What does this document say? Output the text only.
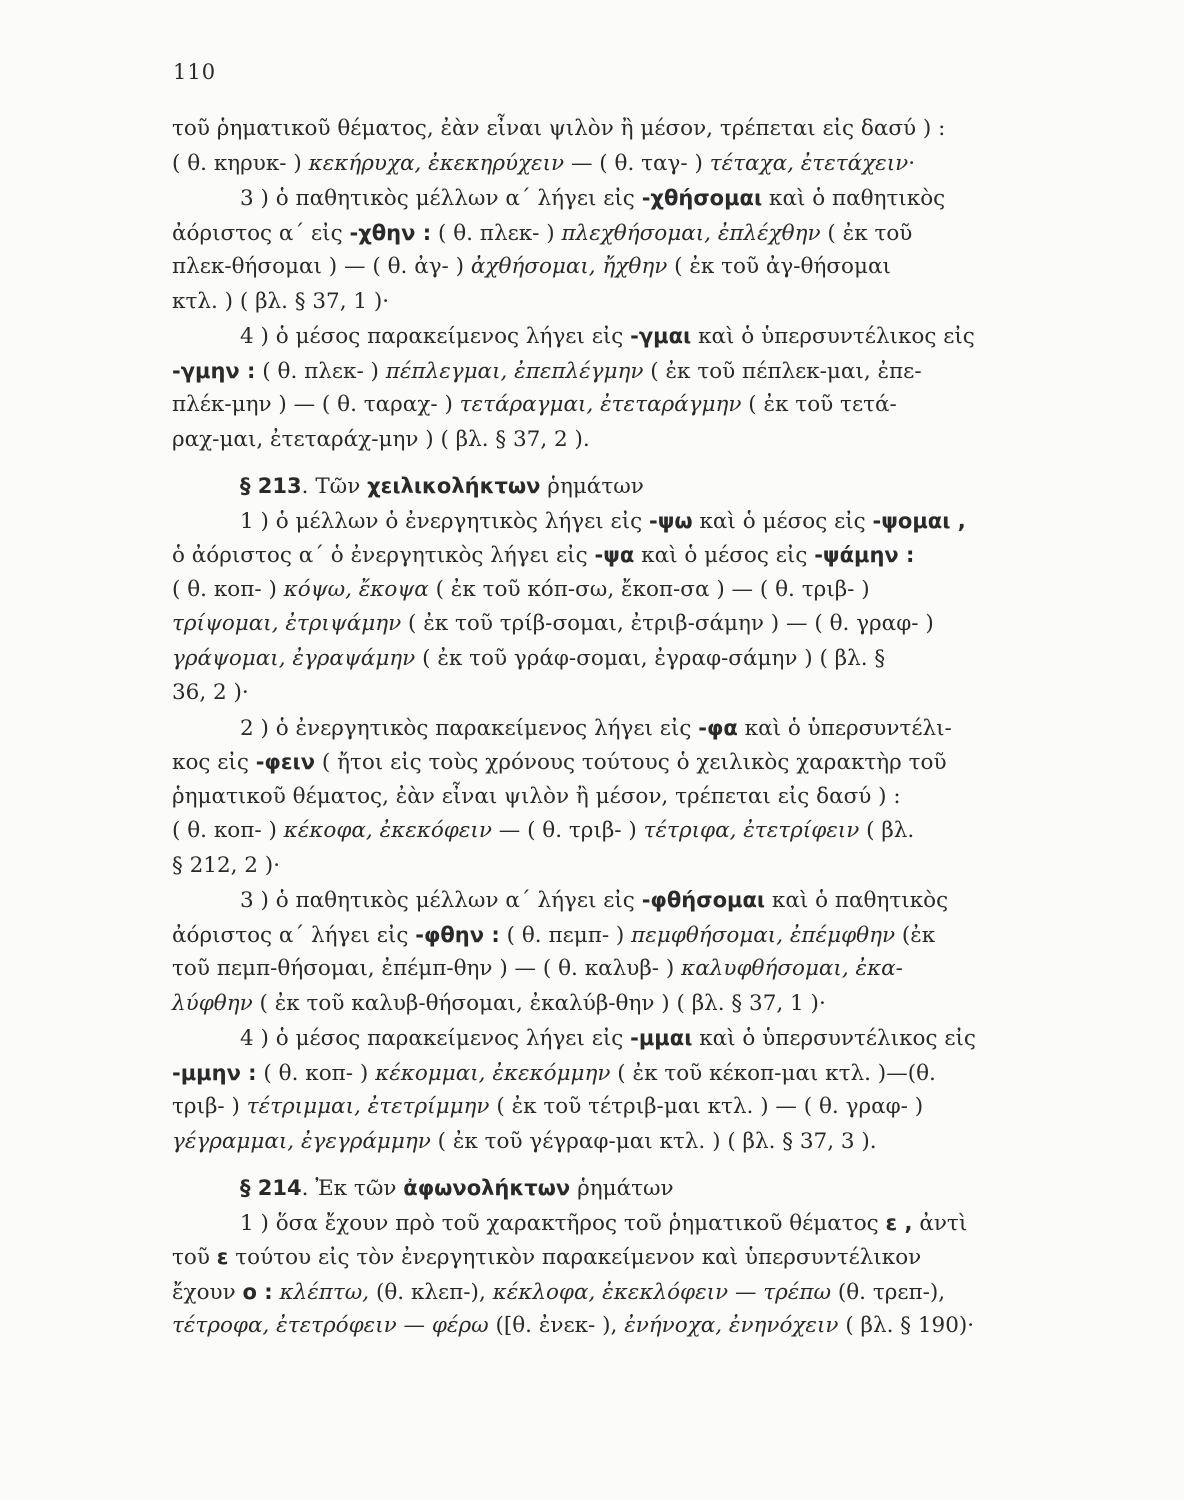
110
τοῦ ῥηματικοῦ θέματος, ἐὰν εἶναι ψιλὸν ἢ μέσον, τρέπεται εἰς δασύ ) :
( θ. κηρυκ- ) κεκήρυχα, ἐκεκηρύχειν — ( θ. ταγ- ) τέταχα, ἐτετάχειν·
3 ) ὁ παθητικὸς μέλλων α΄ λήγει εἰς -χθήσομαι καὶ ὁ παθητικὸς
ἀόριστος α΄ εἰς -χθην : ( θ. πλεκ- ) πλεχθήσομαι, ἐπλέχθην ( ἐκ τοῦ
πλεκ-θήσομαι ) — ( θ. ἀγ- ) ἀχθήσομαι, ἤχθην ( ἐκ τοῦ ἀγ-θήσομαι
κτλ. ) ( βλ. § 37, 1 )·
4 ) ὁ μέσος παρακείμενος λήγει εἰς -γμαι καὶ ὁ ὑπερσυντέλικος εἰς
-γμην : ( θ. πλεκ- ) πέπλεγμαι, ἐπεπλέγμην ( ἐκ τοῦ πέπλεκ-μαι, ἐπε-
πλέκ-μην ) — ( θ. ταραχ- ) τετάραγμαι, ἐτεταράγμην ( ἐκ τοῦ τετά-
ραχ-μαι, ἐτεταράχ-μην ) ( βλ. § 37, 2 ).
§ 213. Τῶν χειλικολήκτων ῥημάτων
1 ) ὁ μέλλων ὁ ἐνεργητικὸς λήγει εἰς -ψω καὶ ὁ μέσος εἰς -ψομαι ,
ὁ ἀόριστος α΄ ὁ ἐνεργητικὸς λήγει εἰς -ψα καὶ ὁ μέσος εἰς -ψάμην :
( θ. κοπ- ) κόψω, ἔκοψα ( ἐκ τοῦ κόπ-σω, ἔκοπ-σα ) — ( θ. τριβ- )
τρίψομαι, ἐτριψάμην ( ἐκ τοῦ τρίβ-σομαι, ἐτριβ-σάμην ) — ( θ. γραφ- )
γράψομαι, ἐγραψάμην ( ἐκ τοῦ γράφ-σομαι, ἐγραφ-σάμην ) ( βλ. §
36, 2 )·
2 ) ὁ ἐνεργητικὸς παρακείμενος λήγει εἰς -φα καὶ ὁ ὑπερσυντέλι-
κος εἰς -φειν ( ἤτοι εἰς τοὺς χρόνους τούτους ὁ χειλικὸς χαρακτὴρ τοῦ
ῥηματικοῦ θέματος, ἐὰν εἶναι ψιλὸν ἢ μέσον, τρέπεται εἰς δασύ ) :
( θ. κοπ- ) κέκοφα, ἐκεκόφειν — ( θ. τριβ- ) τέτριφα, ἐτετρίφειν ( βλ.
§ 212, 2 )·
3 ) ὁ παθητικὸς μέλλων α΄ λήγει εἰς -φθήσομαι καὶ ὁ παθητικὸς
ἀόριστος α΄ λήγει εἰς -φθην : ( θ. πεμπ- ) πεμφθήσομαι, ἐπέμφθην (ἐκ
τοῦ πεμπ-θήσομαι, ἐπέμπ-θην ) — ( θ. καλυβ- ) καλυφθήσομαι, ἐκα-
λύφθην ( ἐκ τοῦ καλυβ-θήσομαι, ἐκαλύβ-θην ) ( βλ. § 37, 1 )·
4 ) ὁ μέσος παρακείμενος λήγει εἰς -μμαι καὶ ὁ ὑπερσυντέλικος εἰς
-μμην : ( θ. κοπ- ) κέκομμαι, ἐκεκόμμην ( ἐκ τοῦ κέκοπ-μαι κτλ. )—(θ.
τριβ- ) τέτριμμαι, ἐτετρίμμην ( ἐκ τοῦ τέτριβ-μαι κτλ. ) — ( θ. γραφ- )
γέγραμμαι, ἐγεγράμμην ( ἐκ τοῦ γέγραφ-μαι κτλ. ) ( βλ. § 37, 3 ).
§ 214. Ἐκ τῶν ἀφωνολήκτων ῥημάτων
1 ) ὅσα ἔχουν πρὸ τοῦ χαρακτῆρος τοῦ ῥηματικοῦ θέματος ε , ἀντὶ
τοῦ ε τούτου εἰς τὸν ἐνεργητικὸν παρακείμενον καὶ ὑπερσυντέλικον
ἔχουν ο : κλέπτω, (θ. κλεπ-), κέκλοφα, ἐκεκλόφειν — τρέπω (θ. τρεπ-),
τέτροφα, ἐτετρόφειν — φέρω ([θ. ἐνεκ- ), ἐνήνοχα, ἐνηνόχειν ( βλ. § 190)·
